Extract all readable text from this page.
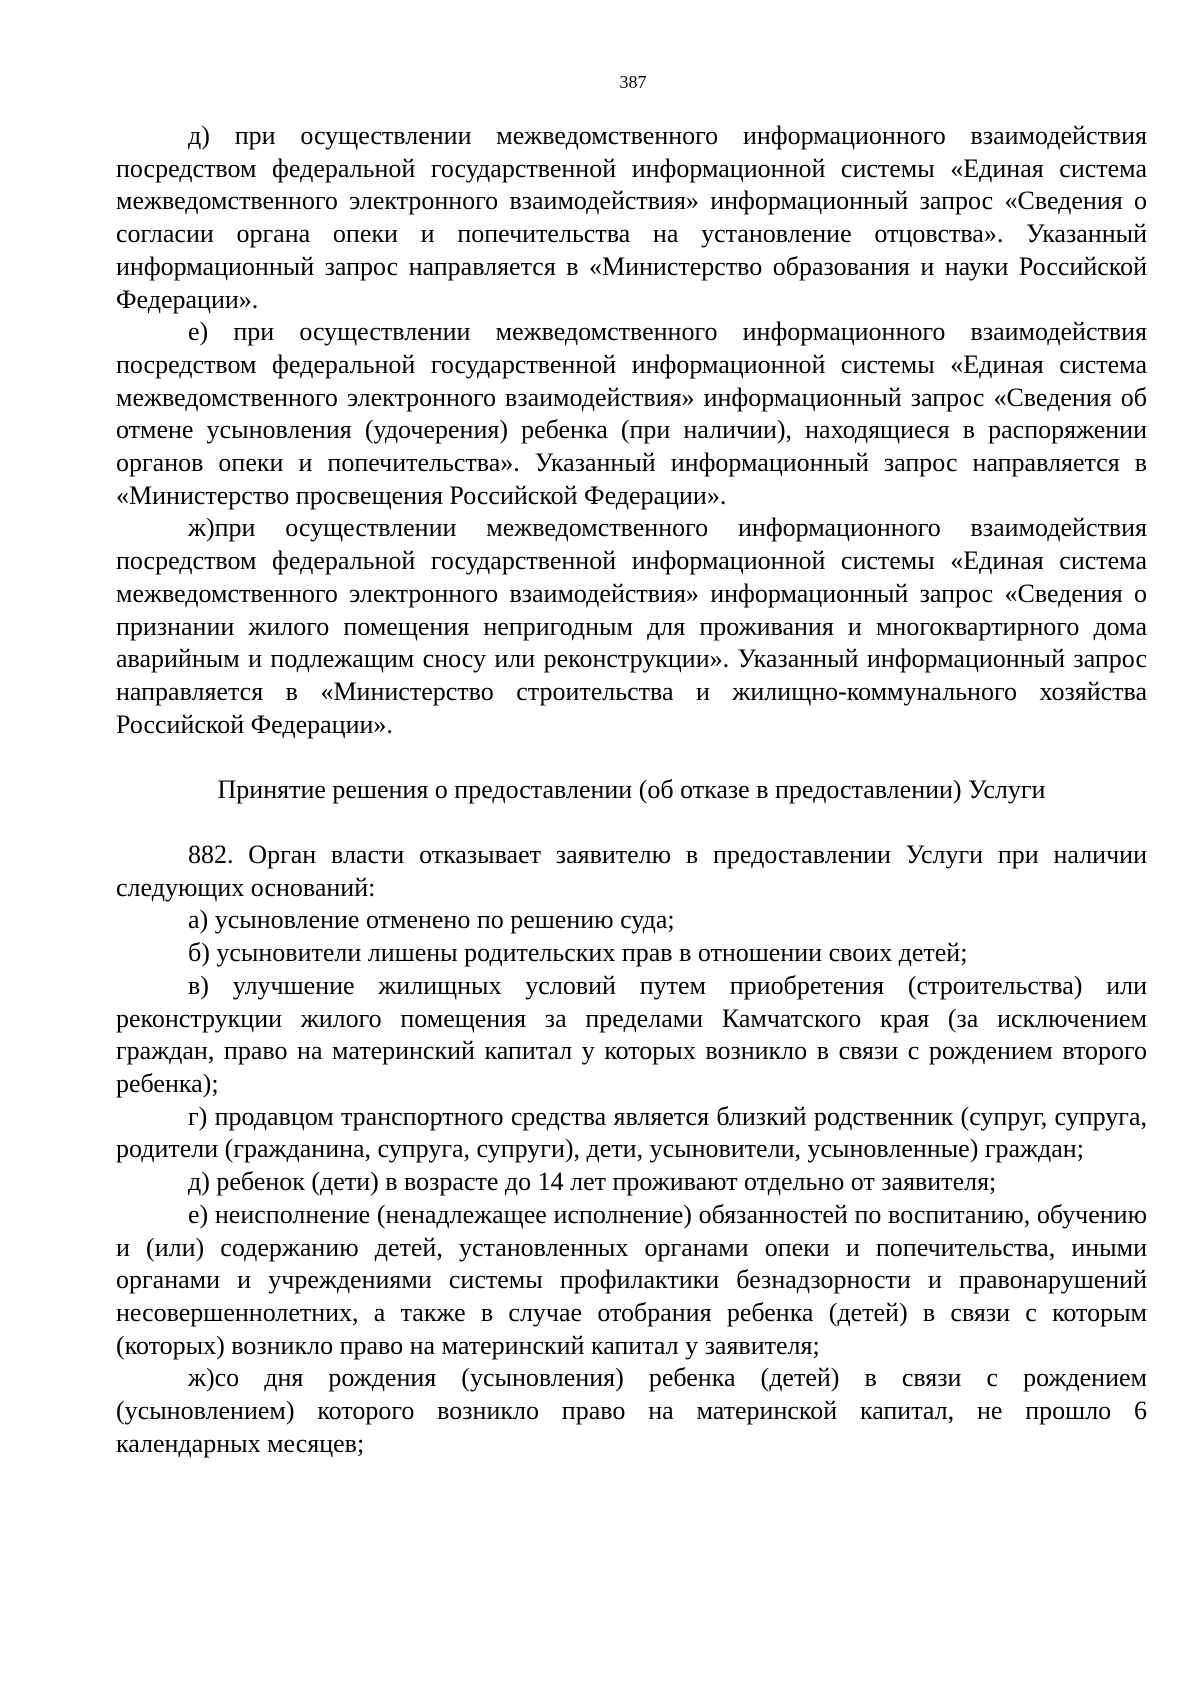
387

д) при осуществлении межведомственного информационного взаимодействия посредством федеральной государственной информационной системы «Единая система межведомственного электронного взаимодействия» информационный запрос «Сведения о согласии органа опеки и попечительства на установление отцовства». Указанный информационный запрос направляется в «Министерство образования и науки Российской Федерации».

е) при осуществлении межведомственного информационного взаимодействия посредством федеральной государственной информационной системы «Единая система межведомственного электронного взаимодействия» информационный запрос «Сведения об отмене усыновления (удочерения) ребенка (при наличии), находящиеся в распоряжении органов опеки и попечительства». Указанный информационный запрос направляется в «Министерство просвещения Российской Федерации».

ж)при осуществлении межведомственного информационного взаимодействия посредством федеральной государственной информационной системы «Единая система межведомственного электронного взаимодействия» информационный запрос «Сведения о признании жилого помещения непригодным для проживания и многоквартирного дома аварийным и подлежащим сносу или реконструкции». Указанный информационный запрос направляется в «Министерство строительства и жилищно-коммунального хозяйства Российской Федерации».

Принятие решения о предоставлении (об отказе в предоставлении) Услуги

882. Орган власти отказывает заявителю в предоставлении Услуги при наличии следующих оснований:

а) усыновление отменено по решению суда;

б) усыновители лишены родительских прав в отношении своих детей;

в) улучшение жилищных условий путем приобретения (строительства) или реконструкции жилого помещения за пределами Камчатского края (за исключением граждан, право на материнский капитал у которых возникло в связи с рождением второго ребенка);

г) продавцом транспортного средства является близкий родственник (супруг, супруга, родители (гражданина, супруга, супруги), дети, усыновители, усыновленные) граждан;

д) ребенок (дети) в возрасте до 14 лет проживают отдельно от заявителя;

е) неисполнение (ненадлежащее исполнение) обязанностей по воспитанию, обучению и (или) содержанию детей, установленных органами опеки и попечительства, иными органами и учреждениями системы профилактики безнадзорности и правонарушений несовершеннолетних, а также в случае отобрания ребенка (детей) в связи с которым (которых) возникло право на материнский капитал у заявителя;

ж)со дня рождения (усыновления) ребенка (детей) в связи с рождением (усыновлением) которого возникло право на материнской капитал, не прошло 6 календарных месяцев;
